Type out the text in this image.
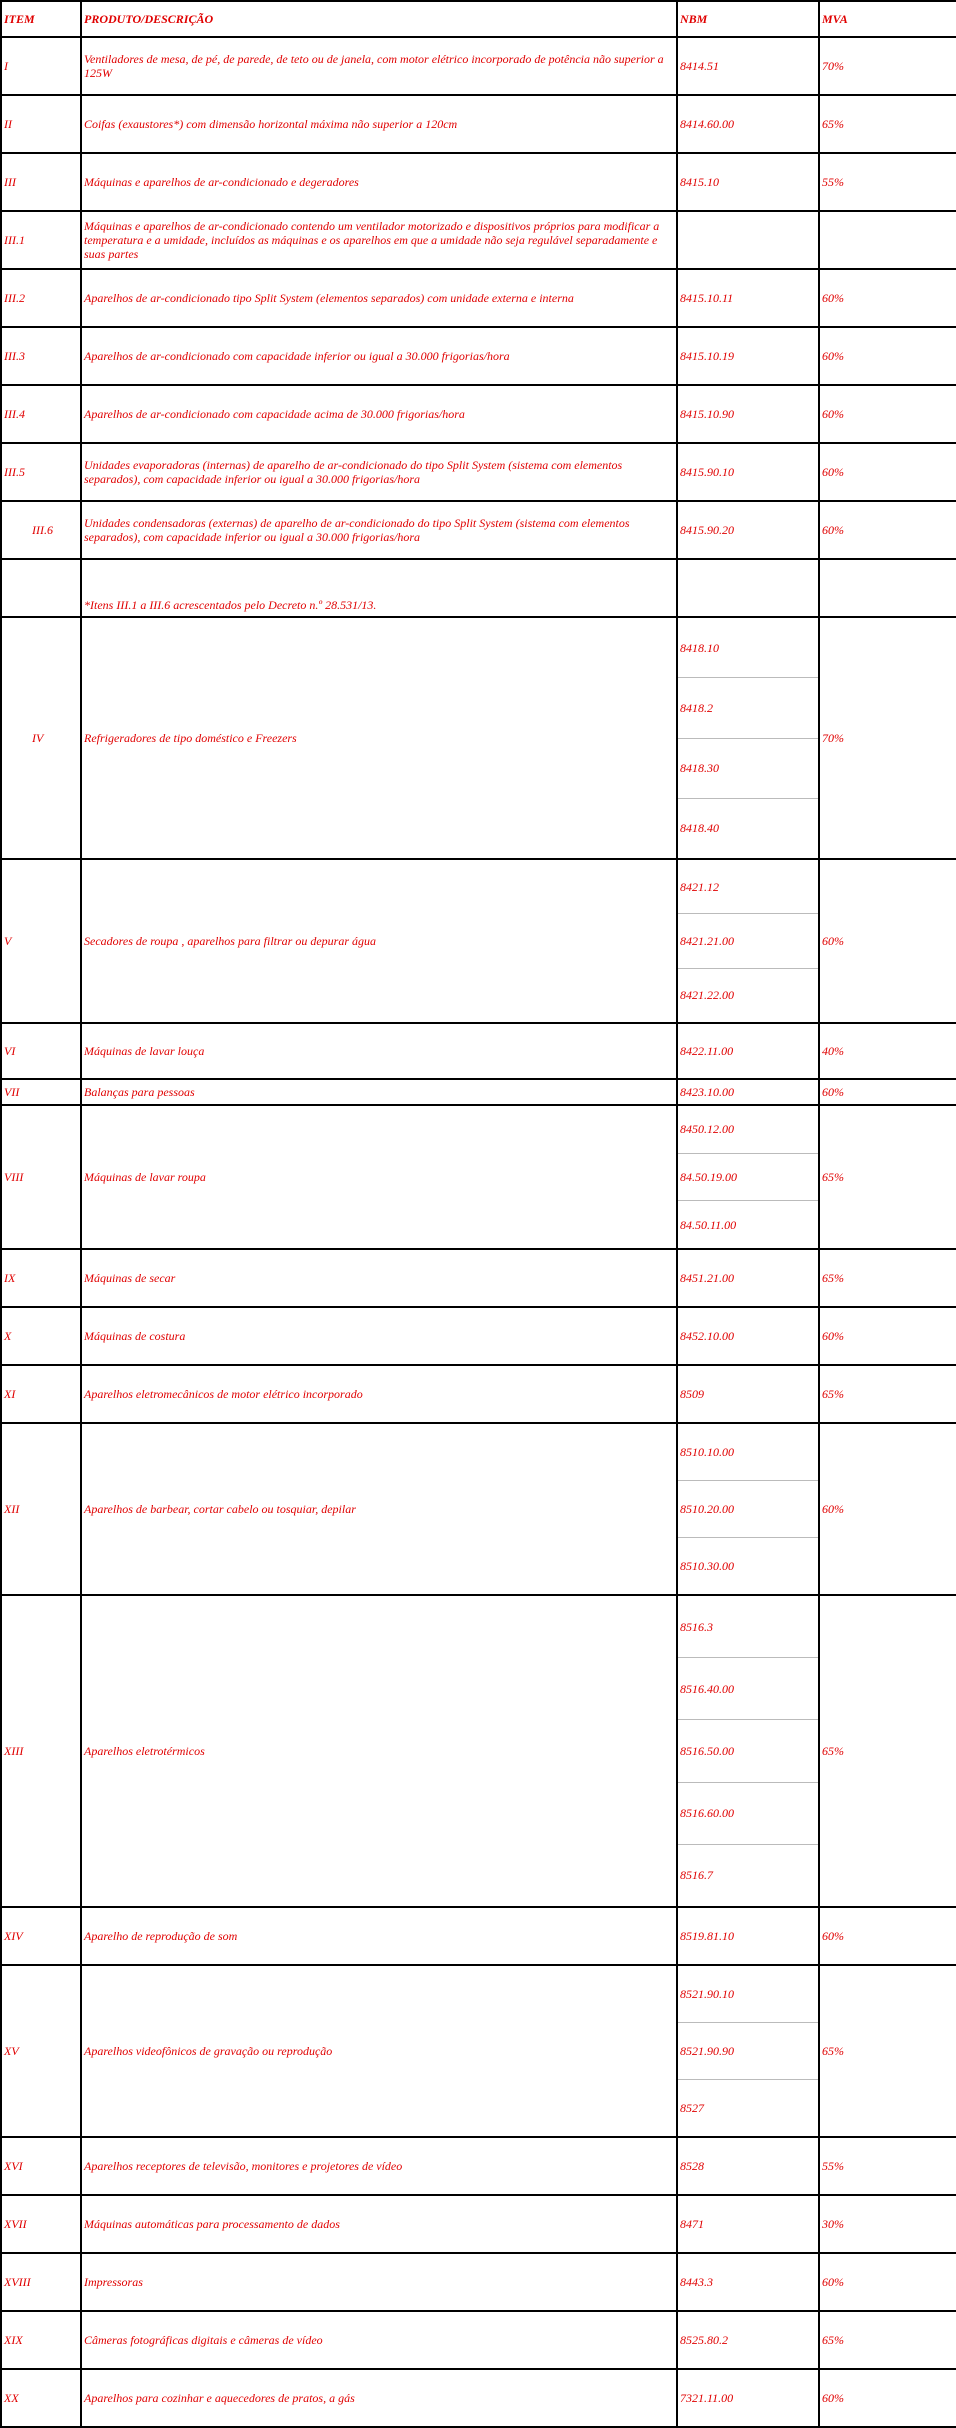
ITEM	PRODUTO/DESCRIÇÃO	NBM	MVA
I	Ventiladores de mesa, de pé, de parede, de teto ou de janela, com motor elétrico incorporado de potência não superior a 125W	8414.51	70%
II	Coifas (exaustores*) com dimensão horizontal máxima não superior a 120cm	8414.60.00	65%
III	Máquinas e aparelhos de ar-condicionado e degeradores	8415.10	55%
III.1	Máquinas e aparelhos de ar-condicionado contendo um ventilador motorizado e dispositivos próprios para modificar a temperatura e a umidade, incluídos as máquinas e os aparelhos em que a umidade não seja regulável separadamente e suas partes		
III.2	Aparelhos de ar-condicionado tipo Split System (elementos separados) com unidade externa e interna	8415.10.11	60%
III.3	Aparelhos de ar-condicionado com capacidade inferior ou igual a 30.000 frigorias/hora	8415.10.19	60%
III.4	Aparelhos de ar-condicionado com capacidade acima de 30.000 frigorias/hora	8415.10.90	60%
III.5	Unidades evaporadoras (internas) de aparelho de ar-condicionado do tipo Split System (sistema com elementos separados), com capacidade inferior ou igual a 30.000 frigorias/hora	8415.90.10	60%
III.6	Unidades condensadoras (externas) de aparelho de ar-condicionado do tipo Split System (sistema com elementos separados), com capacidade inferior ou igual a 30.000 frigorias/hora	8415.90.20	60%
	*Itens III.1 a III.6 acrescentados pelo Decreto n.º 28.531/13.		
IV	Refrigeradores de tipo doméstico e Freezers	8418.10
8418.2
8418.30
8418.40	70%
V	Secadores de roupa , aparelhos para filtrar ou depurar água	8421.12
8421.21.00
8421.22.00	60%
VI	Máquinas de lavar louça	8422.11.00	40%
VII	Balanças para pessoas	8423.10.00	60%
VIII	Máquinas de lavar roupa	8450.12.00
84.50.19.00
84.50.11.00	65%
IX	Máquinas de secar	8451.21.00	65%
X	Máquinas de costura	8452.10.00	60%
XI	Aparelhos eletromecânicos de motor elétrico incorporado	8509	65%
XII	Aparelhos de barbear, cortar cabelo ou tosquiar, depilar	8510.10.00
8510.20.00
8510.30.00	60%
XIII	Aparelhos eletrotérmicos	8516.3
8516.40.00
8516.50.00
8516.60.00
8516.7	65%
XIV	Aparelho de reprodução de som	8519.81.10	60%
XV	Aparelhos videofônicos de gravação ou reprodução	8521.90.10
8521.90.90
8527	65%
XVI	Aparelhos receptores de televisão, monitores e projetores de vídeo	8528	55%
XVII	Máquinas automáticas para processamento de dados	8471	30%
XVIII	Impressoras	8443.3	60%
XIX	Câmeras fotográficas digitais e câmeras de vídeo	8525.80.2	65%
XX	Aparelhos para cozinhar e aquecedores de pratos, a gás	7321.11.00	60%
